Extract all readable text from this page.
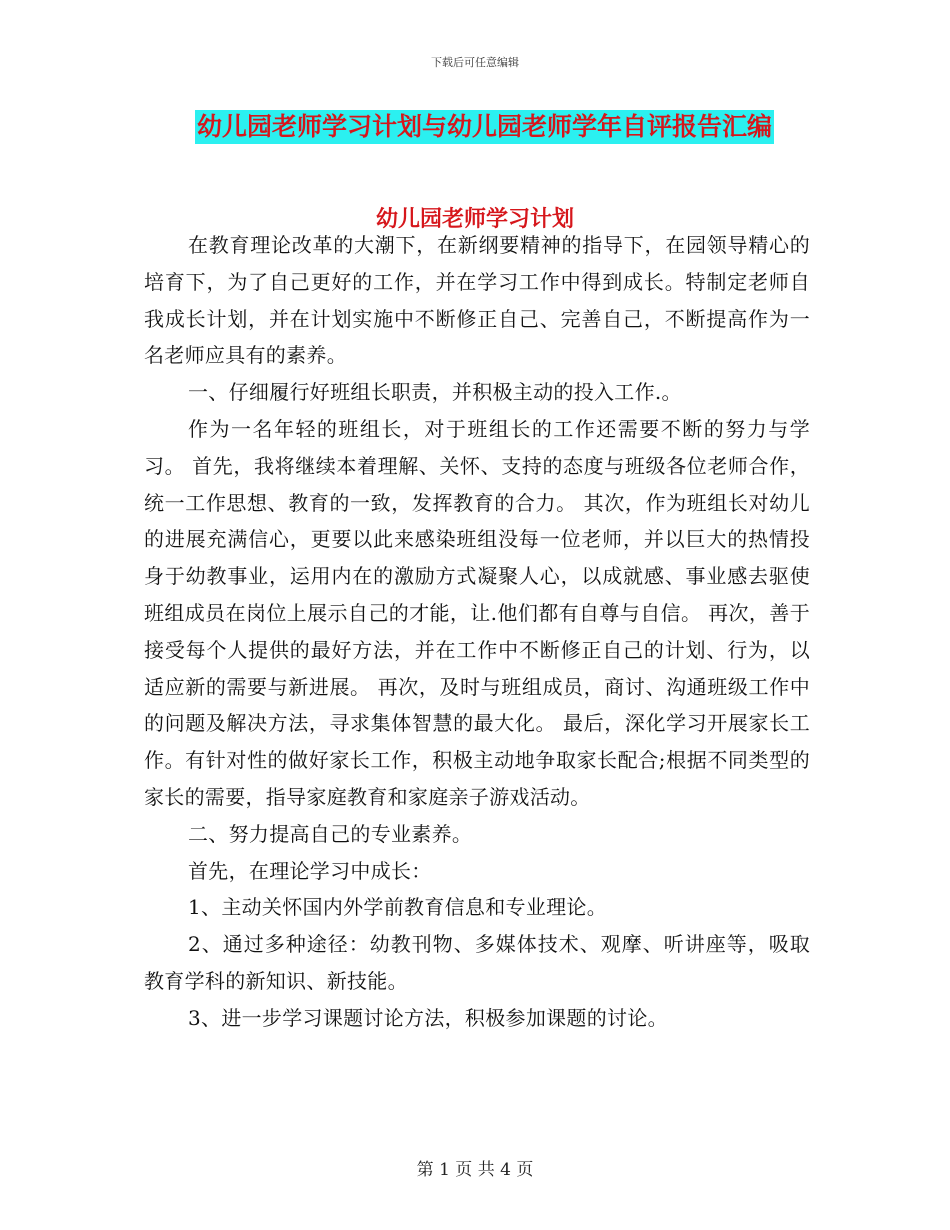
下载后可任意编辑
幼儿园老师学习计划与幼儿园老师学年自评报告汇编
幼儿园老师学习计划

在教育理论改革的大潮下，在新纲要精神的指导下，在园领导精心的培育下，为了自己更好的工作，并在学习工作中得到成长。特制定老师自我成长计划，并在计划实施中不断修正自己、完善自己，不断提高作为一名老师应具有的素养。

一、仔细履行好班组长职责，并积极主动的投入工作.。

作为一名年轻的班组长，对于班组长的工作还需要不断的努力与学习。 首先，我将继续本着理解、关怀、支持的态度与班级各位老师合作，统一工作思想、教育的一致，发挥教育的合力。 其次，作为班组长对幼儿的进展充满信心，更要以此来感染班组没每一位老师，并以巨大的热情投身于幼教事业，运用内在的激励方式凝聚人心，以成就感、事业感去驱使班组成员在岗位上展示自己的才能，让.他们都有自尊与自信。 再次，善于接受每个人提供的最好方法，并在工作中不断修正自己的计划、行为，以适应新的需要与新进展。 再次，及时与班组成员，商讨、沟通班级工作中的问题及解决方法，寻求集体智慧的最大化。 最后，深化学习开展家长工作。有针对性的做好家长工作，积极主动地争取家长配合;根据不同类型的家长的需要，指导家庭教育和家庭亲子游戏活动。

二、努力提高自己的专业素养。

首先，在理论学习中成长：

1、主动关怀国内外学前教育信息和专业理论。

2、通过多种途径：幼教刊物、多媒体技术、观摩、听讲座等，吸取教育学科的新知识、新技能。

3、进一步学习课题讨论方法，积极参加课题的讨论。

第 1 页 共 4 页
